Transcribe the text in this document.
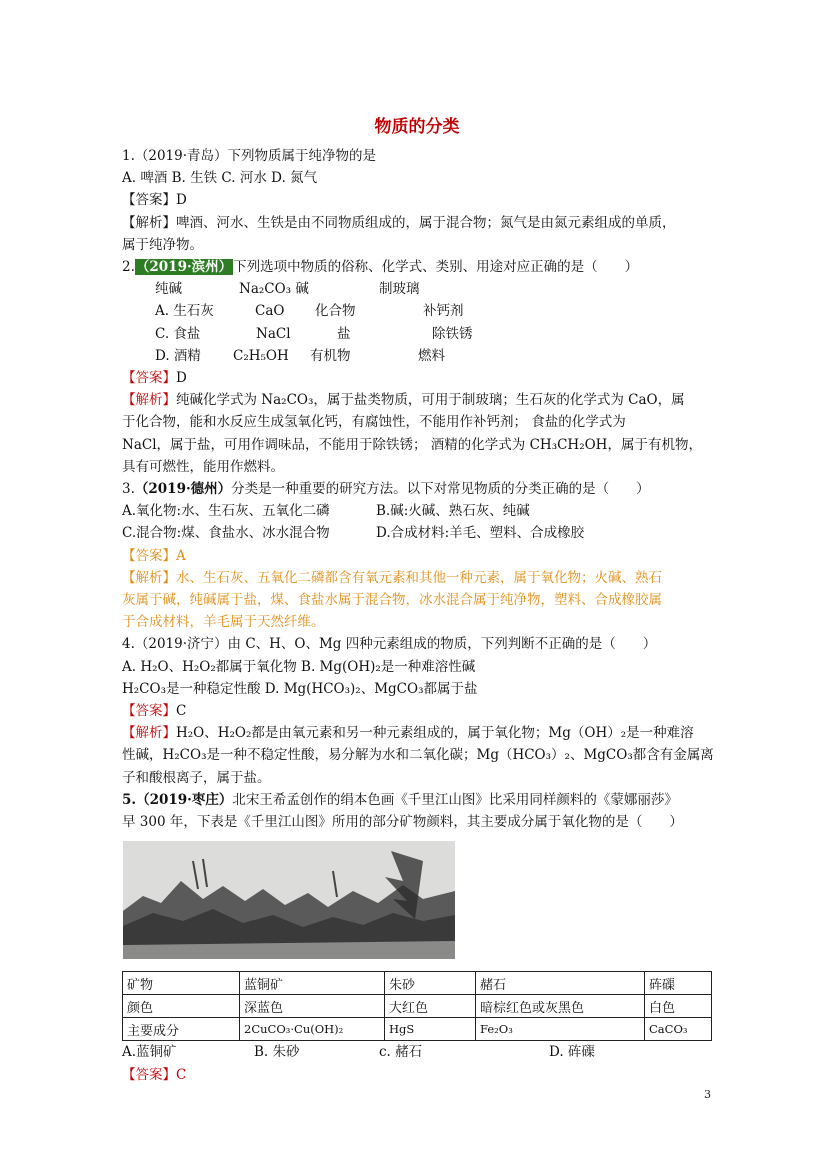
物质的分类
1.（2019·青岛）下列物质属于纯净物的是
A. 啤酒 B. 生铁 C. 河水 D. 氮气
【答案】D
【解析】啤酒、河水、生铁是由不同物质组成的，属于混合物；氮气是由氮元素组成的单质，
属于纯净物。
2.（2019·滨州）下列选项中物质的俗称、化学式、类别、用途对应正确的是（　　）
纯碱	Na₂CO₃ 碱	制玻璃
A. 生石灰	CaO 化合物	补钙剂
C. 食盐	NaCl	盐	除铁锈
D. 酒精 C₂H₅OH 有机物	燃料
【答案】D
【解析】纯碱化学式为 Na₂CO₃，属于盐类物质，可用于制玻璃；生石灰的化学式为 CaO，属
于化合物，能和水反应生成氢氧化钙，有腐蚀性，不能用作补钙剂； 食盐的化学式为
NaCl，属于盐，可用作调味品，不能用于除铁锈； 酒精的化学式为 CH₃CH₂OH，属于有机物，
具有可燃性，能用作燃料。
3.（2019·德州）分类是一种重要的研究方法。以下对常见物质的分类正确的是（　　）
A.氧化物:水、生石灰、五氧化二磷	B.碱:火碱、熟石灰、纯碱
C.混合物:煤、食盐水、冰水混合物	D.合成材料:羊毛、塑料、合成橡胶
【答案】A
【解析】水、生石灰、五氧化二磷都含有氧元素和其他一种元素，属于氧化物；火碱、熟石
灰属于碱，纯碱属于盐，煤、食盐水属于混合物，冰水混合属于纯净物，塑料、合成橡胶属
于合成材料，羊毛属于天然纤维。
4.（2019·济宁）由 C、H、O、Mg 四种元素组成的物质，下列判断不正确的是（　　）
A. H₂O、H₂O₂都属于氧化物 B. Mg(OH)₂是一种难溶性碱
H₂CO₃是一种稳定性酸 D. Mg(HCO₃)₂、MgCO₃都属于盐
【答案】C
【解析】H₂O、H₂O₂都是由氧元素和另一种元素组成的，属于氧化物；Mg（OH）₂是一种难溶
性碱，H₂CO₃是一种不稳定性酸，易分解为水和二氧化碳；Mg（HCO₃）₂、MgCO₃都含有金属离
子和酸根离子，属于盐。
5.（2019·枣庄）北宋王希孟创作的绢本色画《千里江山图》比采用同样颜料的《蒙娜丽莎》
早 300 年，下表是《千里江山图》所用的部分矿物颜料，其主要成分属于氧化物的是（　　）
矿物	蓝铜矿	朱砂	赭石	砗磲
颜色	深蓝色	大红色	暗棕红色或灰黑色	白色
主要成分	2CuCO₃·Cu(OH)₂	HgS	Fe₂O₃	CaCO₃
A.蓝铜矿	B. 朱砂	c. 赭石	D. 砗磲
【答案】C
3
